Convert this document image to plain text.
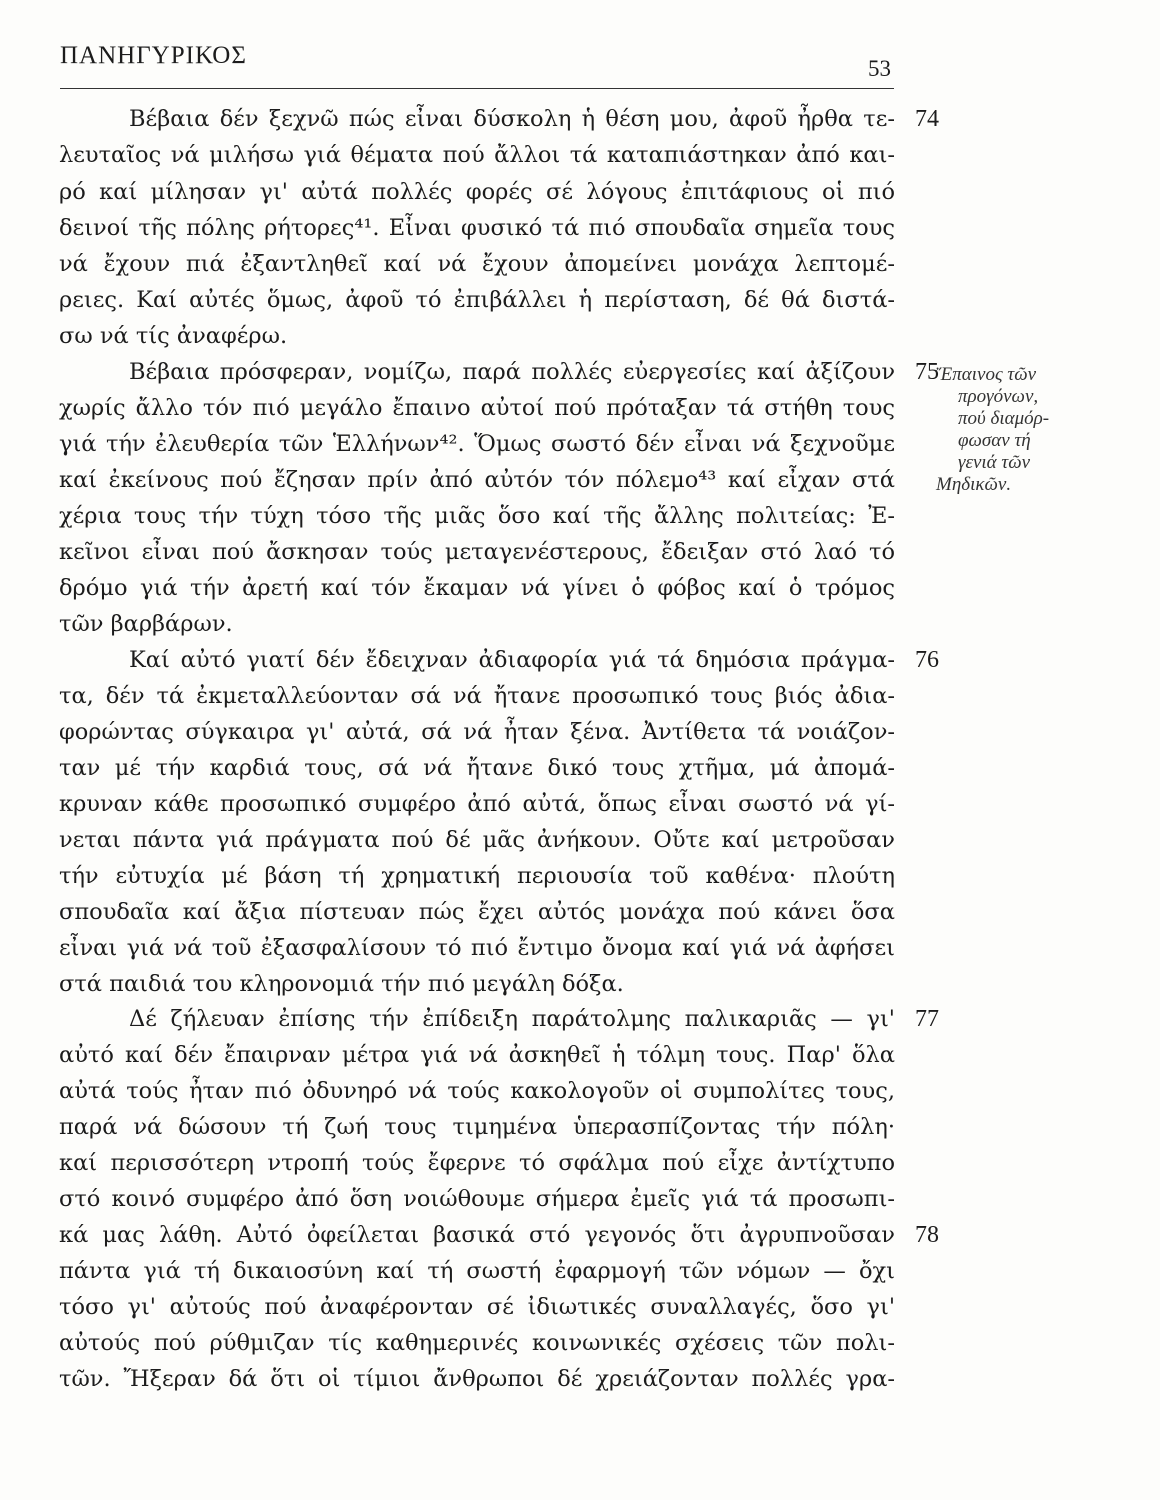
ΠΑΝΗΓΥΡΙΚΟΣ	53
Βέβαια δέν ξεχνῶ πώς εἶναι δύσκολη ἡ θέση μου, ἀφοῦ ἦρθα τε-
λευταῖος νά μιλήσω γιά θέματα πού ἄλλοι τά καταπιάστηκαν ἀπό και-
ρό καί μίλησαν γι' αὐτά πολλές φορές σέ λόγους ἐπιτάφιους οἱ πιό
δεινοί τῆς πόλης ρήτορες⁴¹. Εἶναι φυσικό τά πιό σπουδαῖα σημεῖα τους
νά ἔχουν πιά ἐξαντληθεῖ καί νά ἔχουν ἀπομείνει μονάχα λεπτομέ-
ρειες. Καί αὐτές ὅμως, ἀφοῦ τό ἐπιβάλλει ἡ περίσταση, δέ θά διστά-
σω νά τίς ἀναφέρω.
Βέβαια πρόσφεραν, νομίζω, παρά πολλές εὐεργεσίες καί ἀξίζουν
χωρίς ἄλλο τόν πιό μεγάλο ἔπαινο αὐτοί πού πρόταξαν τά στήθη τους
γιά τήν ἐλευθερία τῶν Ἑλλήνων⁴². Ὅμως σωστό δέν εἶναι νά ξεχνοῦμε
καί ἐκείνους πού ἔζησαν πρίν ἀπό αὐτόν τόν πόλεμο⁴³ καί εἶχαν στά
χέρια τους τήν τύχη τόσο τῆς μιᾶς ὅσο καί τῆς ἄλλης πολιτείας: Ἐ-
κεῖνοι εἶναι πού ἄσκησαν τούς μεταγενέστερους, ἔδειξαν στό λαό τό
δρόμο γιά τήν ἀρετή καί τόν ἔκαμαν νά γίνει ὁ φόβος καί ὁ τρόμος
τῶν βαρβάρων.
Καί αὐτό γιατί δέν ἔδειχναν ἀδιαφορία γιά τά δημόσια πράγμα-
τα, δέν τά ἐκμεταλλεύονταν σά νά ἤτανε προσωπικό τους βιός ἀδια-
φορώντας σύγκαιρα γι' αὐτά, σά νά ἦταν ξένα. Ἀντίθετα τά νοιάζον-
ταν μέ τήν καρδιά τους, σά νά ἤτανε δικό τους χτῆμα, μά ἀπομά-
κρυναν κάθε προσωπικό συμφέρο ἀπό αὐτά, ὅπως εἶναι σωστό νά γί-
νεται πάντα γιά πράγματα πού δέ μᾶς ἀνήκουν. Οὔτε καί μετροῦσαν
τήν εὐτυχία μέ βάση τή χρηματική περιουσία τοῦ καθένα· πλούτη
σπουδαῖα καί ἄξια πίστευαν πώς ἔχει αὐτός μονάχα πού κάνει ὅσα
εἶναι γιά νά τοῦ ἐξασφαλίσουν τό πιό ἔντιμο ὄνομα καί γιά νά ἀφήσει
στά παιδιά του κληρονομιά τήν πιό μεγάλη δόξα.
Δέ ζήλευαν ἐπίσης τήν ἐπίδειξη παράτολμης παλικαριᾶς — γι'
αὐτό καί δέν ἔπαιρναν μέτρα γιά νά ἀσκηθεῖ ἡ τόλμη τους. Παρ' ὅλα
αὐτά τούς ἦταν πιό ὀδυνηρό νά τούς κακολογοῦν οἱ συμπολίτες τους,
παρά νά δώσουν τή ζωή τους τιμημένα ὑπερασπίζοντας τήν πόλη·
καί περισσότερη ντροπή τούς ἔφερνε τό σφάλμα πού εἶχε ἀντίχτυπο
στό κοινό συμφέρο ἀπό ὅση νοιώθουμε σήμερα ἐμεῖς γιά τά προσωπι-
κά μας λάθη. Αὐτό ὀφείλεται βασικά στό γεγονός ὅτι ἀγρυπνοῦσαν
πάντα γιά τή δικαιοσύνη καί τή σωστή ἐφαρμογή τῶν νόμων — ὄχι
τόσο γι' αὐτούς πού ἀναφέρονταν σέ ἰδιωτικές συναλλαγές, ὅσο γι'
αὐτούς πού ρύθμιζαν τίς καθημερινές κοινωνικές σχέσεις τῶν πολι-
τῶν. Ἤξεραν δά ὅτι οἱ τίμιοι ἄνθρωποι δέ χρειάζονταν πολλές γρα-
74
75
76
77
78
Ἔπαινος τῶν
προγόνων,
πού διαμόρ-
φωσαν τή
γενιά τῶν
Μηδικῶν.
